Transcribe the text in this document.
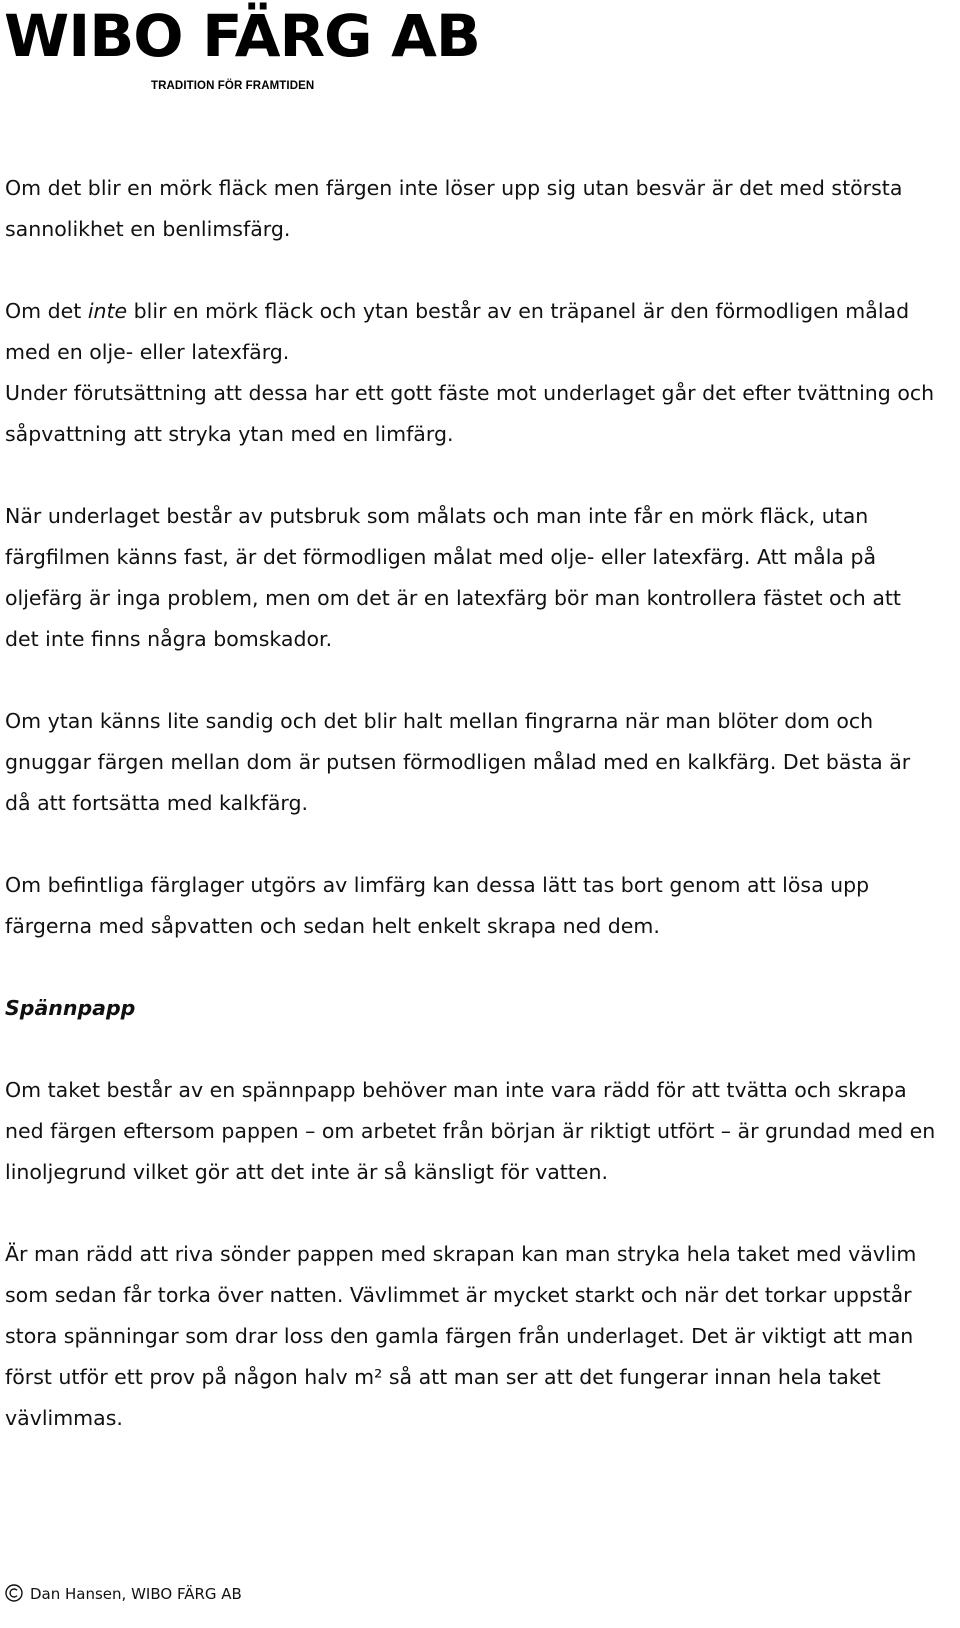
WIBO FÄRG AB
TRADITION FÖR FRAMTIDEN

Om det blir en mörk fläck men färgen inte löser upp sig utan besvär är det med största sannolikhet en benlimsfärg.

Om det inte blir en mörk fläck och ytan består av en träpanel är den förmodligen målad med en olje- eller latexfärg.

Under förutsättning att dessa har ett gott fäste mot underlaget går det efter tvättning och såpvattning att stryka ytan med en limfärg.

När underlaget består av putsbruk som målats och man inte får en mörk fläck, utan färgfilmen känns fast, är det förmodligen målat med olje- eller latexfärg. Att måla på oljefärg är inga problem, men om det är en latexfärg bör man kontrollera fästet och att det inte finns några bomskador.

Om ytan känns lite sandig och det blir halt mellan fingrarna när man blöter dom och gnuggar färgen mellan dom är putsen förmodligen målad med en kalkfärg. Det bästa är då att fortsätta med kalkfärg.

Om befintliga färglager utgörs av limfärg kan dessa lätt tas bort genom att lösa upp färgerna med såpvatten och sedan helt enkelt skrapa ned dem.

Spännpapp

Om taket består av en spännpapp behöver man inte vara rädd för att tvätta och skrapa ned färgen eftersom pappen – om arbetet från början är riktigt utfört – är grundad med en linoljegrund vilket gör att det inte är så känsligt för vatten.

Är man rädd att riva sönder pappen med skrapan kan man stryka hela taket med vävlim som sedan får torka över natten. Vävlimmet är mycket starkt och när det torkar uppstår stora spänningar som drar loss den gamla färgen från underlaget. Det är viktigt att man först utför ett prov på någon halv m² så att man ser att det fungerar innan hela taket vävlimmas.

Dan Hansen, WIBO FÄRG AB
